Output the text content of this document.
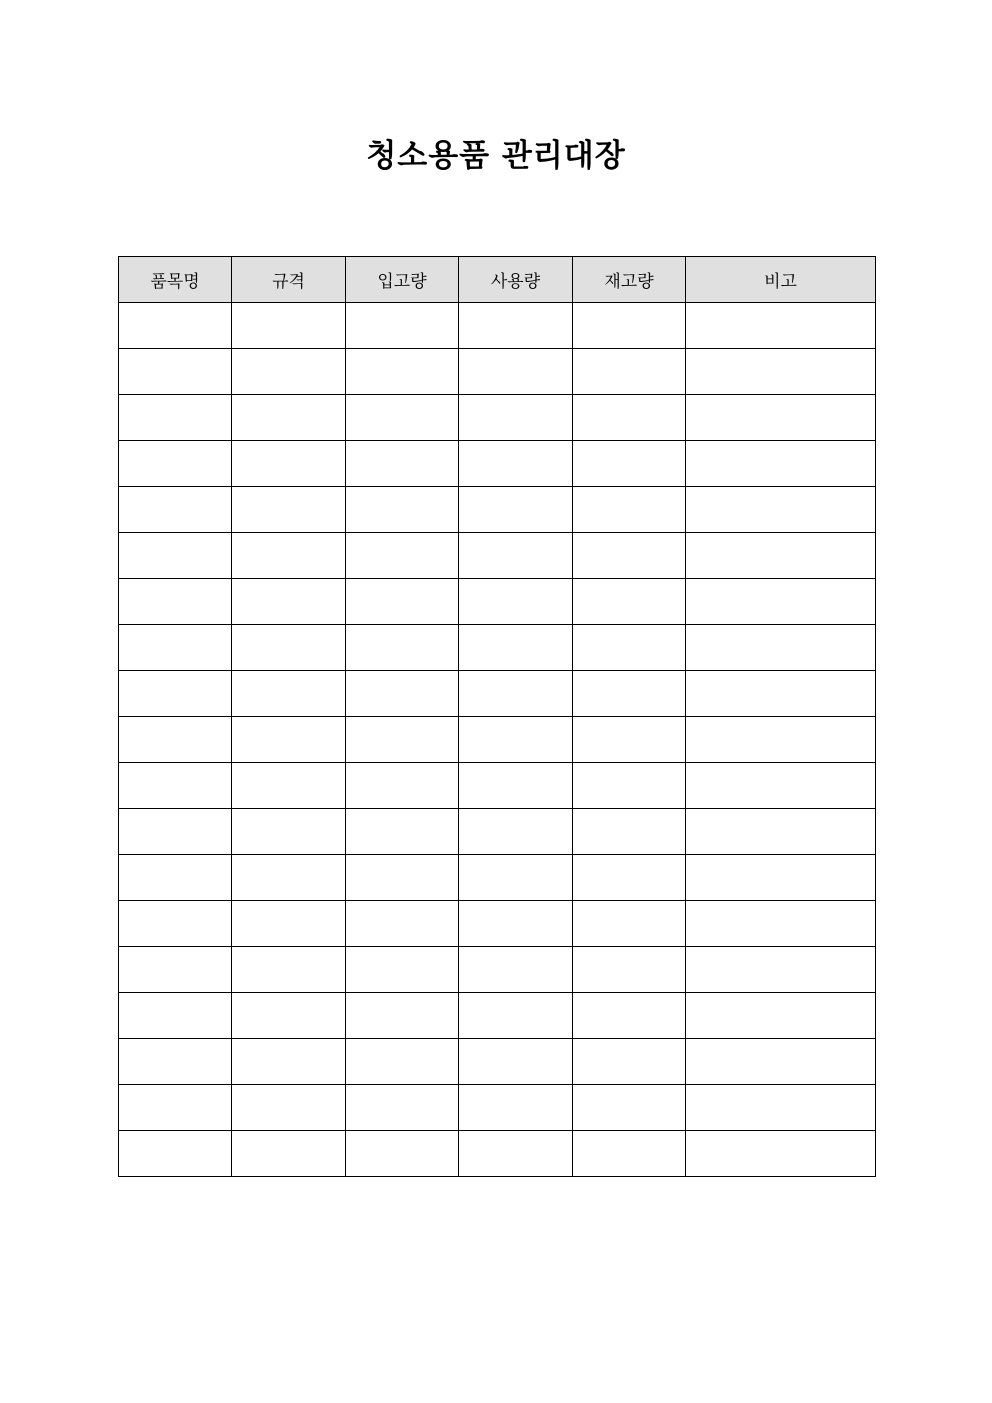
청소용품 관리대장
품목명	규격	입고량	사용량	재고량	비고
